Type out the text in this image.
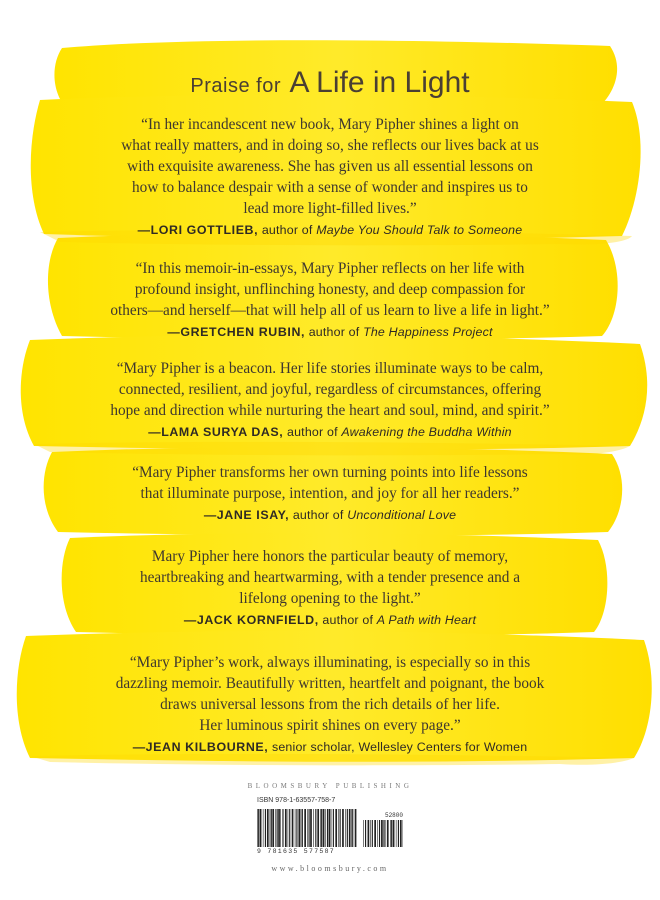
Praise for A Life in Light
“In her incandescent new book, Mary Pipher shines a light on
what really matters, and in doing so, she reflects our lives back at us
with exquisite awareness. She has given us all essential lessons on
how to balance despair with a sense of wonder and inspires us to
lead more light-filled lives.”
—LORI GOTTLIEB, author of Maybe You Should Talk to Someone
“In this memoir-in-essays, Mary Pipher reflects on her life with
profound insight, unflinching honesty, and deep compassion for
others—and herself—that will help all of us learn to live a life in light.”
—GRETCHEN RUBIN, author of The Happiness Project
“Mary Pipher is a beacon. Her life stories illuminate ways to be calm,
connected, resilient, and joyful, regardless of circumstances, offering
hope and direction while nurturing the heart and soul, mind, and spirit.”
—LAMA SURYA DAS, author of Awakening the Buddha Within
“Mary Pipher transforms her own turning points into life lessons
that illuminate purpose, intention, and joy for all her readers.”
—JANE ISAY, author of Unconditional Love
Mary Pipher here honors the particular beauty of memory,
heartbreaking and heartwarming, with a tender presence and a
lifelong opening to the light.”
—JACK KORNFIELD, author of A Path with Heart
“Mary Pipher’s work, always illuminating, is especially so in this
dazzling memoir. Beautifully written, heartfelt and poignant, the book
draws universal lessons from the rich details of her life.
Her luminous spirit shines on every page.”
—JEAN KILBOURNE, senior scholar, Wellesley Centers for Women
BLOOMSBURY PUBLISHING
ISBN 978-1-63557-758-7
52800
9 781635 577587
www.bloomsbury.com
